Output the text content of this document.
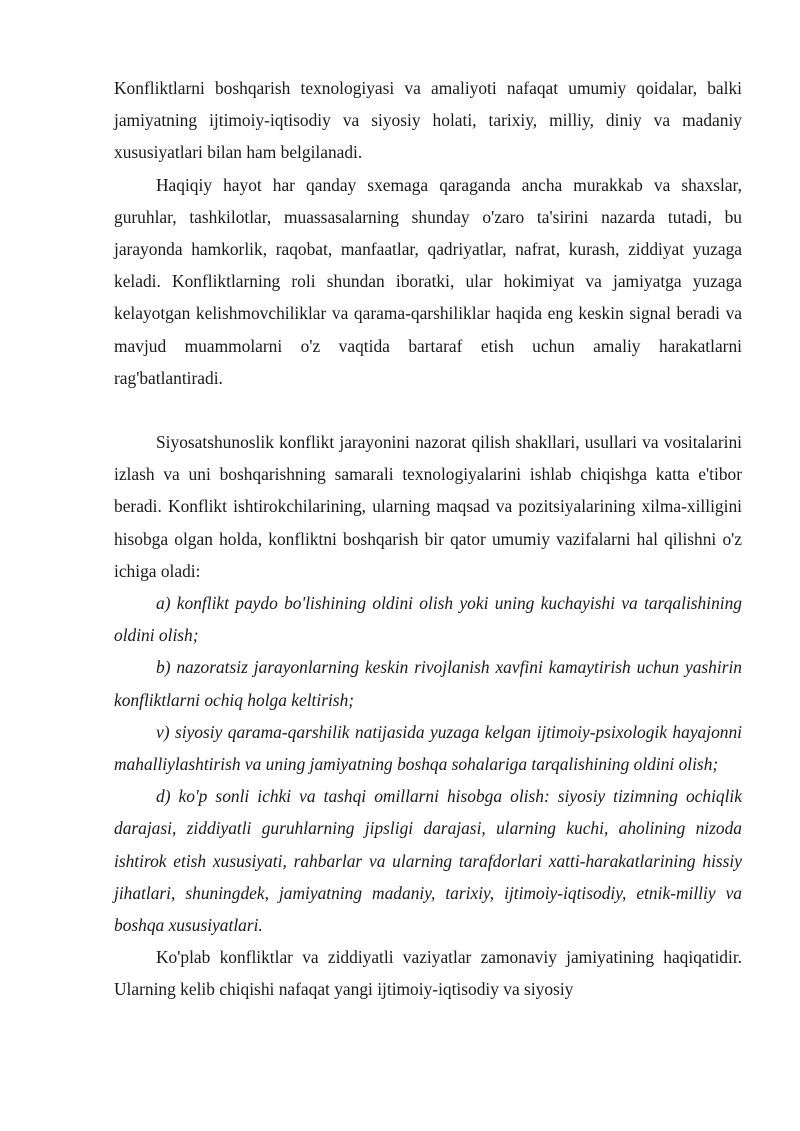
Konfliktlarni boshqarish texnologiyasi va amaliyoti nafaqat umumiy qoidalar, balki jamiyatning ijtimoiy-iqtisodiy va siyosiy holati, tarixiy, milliy, diniy va madaniy xususiyatlari bilan ham belgilanadi.

Haqiqiy hayot har qanday sxemaga qaraganda ancha murakkab va shaxslar, guruhlar, tashkilotlar, muassasalarning shunday o'zaro ta'sirini nazarda tutadi, bu jarayonda hamkorlik, raqobat, manfaatlar, qadriyatlar, nafrat, kurash, ziddiyat yuzaga keladi. Konfliktlarning roli shundan iboratki, ular hokimiyat va jamiyatga yuzaga kelayotgan kelishmovchiliklar va qarama-qarshiliklar haqida eng keskin signal beradi va mavjud muammolarni o'z vaqtida bartaraf etish uchun amaliy harakatlarni rag'batlantiradi.

Siyosatshunoslik konflikt jarayonini nazorat qilish shakllari, usullari va vositalarini izlash va uni boshqarishning samarali texnologiyalarini ishlab chiqishga katta e'tibor beradi. Konflikt ishtirokchilarining, ularning maqsad va pozitsiyalarining xilma-xilligini hisobga olgan holda, konfliktni boshqarish bir qator umumiy vazifalarni hal qilishni o'z ichiga oladi:

a) konflikt paydo bo'lishining oldini olish yoki uning kuchayishi va tarqalishining oldini olish;

b) nazoratsiz jarayonlarning keskin rivojlanish xavfini kamaytirish uchun yashirin konfliktlarni ochiq holga keltirish;

v) siyosiy qarama-qarshilik natijasida yuzaga kelgan ijtimoiy-psixologik hayajonni mahalliylashtirish va uning jamiyatning boshqa sohalariga tarqalishining oldini olish;

d) ko'p sonli ichki va tashqi omillarni hisobga olish: siyosiy tizimning ochiqlik darajasi, ziddiyatli guruhlarning jipsligi darajasi, ularning kuchi, aholining nizoda ishtirok etish xususiyati, rahbarlar va ularning tarafdorlari xatti-harakatlarining hissiy jihatlari, shuningdek, jamiyatning madaniy, tarixiy, ijtimoiy-iqtisodiy, etnik-milliy va boshqa xususiyatlari.

Ko'plab konfliktlar va ziddiyatli vaziyatlar zamonaviy jamiyatining haqiqatidir. Ularning kelib chiqishi nafaqat yangi ijtimoiy-iqtisodiy va siyosiy
